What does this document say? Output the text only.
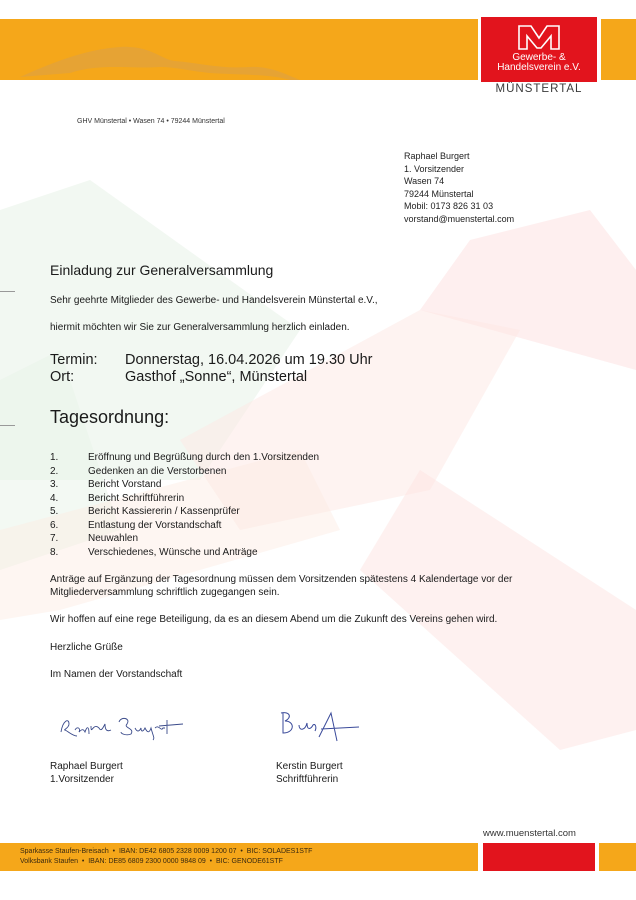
Gewerbe- &
Handelsverein e.V.
MÜNSTERTAL
GHV Münstertal • Wasen 74 • 79244 Münstertal
Raphael Burgert
1. Vorsitzender
Wasen 74
79244 Münstertal
Mobil: 0173 826 31 03
vorstand@muenstertal.com
Einladung zur Generalversammlung
Sehr geehrte Mitglieder des Gewerbe- und Handelsverein Münstertal e.V.,
hiermit möchten wir Sie zur Generalversammlung herzlich einladen.
Termin: Donnerstag, 16.04.2026 um 19.30 Uhr
Ort:	Gasthof „Sonne“, Münstertal
Tagesordnung:
1.	Eröffnung und Begrüßung durch den 1.Vorsitzenden
2.	Gedenken an die Verstorbenen
3.	Bericht Vorstand
4.	Bericht Schriftführerin
5.	Bericht Kassiererin / Kassenprüfer
6.	Entlastung der Vorstandschaft
7.	Neuwahlen
8.	Verschiedenes, Wünsche und Anträge
Anträge auf Ergänzung der Tagesordnung müssen dem Vorsitzenden spätestens 4 Kalendertage vor der
Mitgliederversammlung schriftlich zugegangen sein.
Wir hoffen auf eine rege Beteiligung, da es an diesem Abend um die Zukunft des Vereins gehen wird.
Herzliche Grüße
Im Namen der Vorstandschaft
Raphael Burgert
1.Vorsitzender
Kerstin Burgert
Schriftführerin
www.muenstertal.com
Sparkasse Staufen-Breisach  •  IBAN: DE42 6805 2328 0009 1200 07  •  BIC: SOLADES1STF
Volksbank Staufen  •  IBAN: DE85 6809 2300 0000 9848 09  •  BIC: GENODE61STF
